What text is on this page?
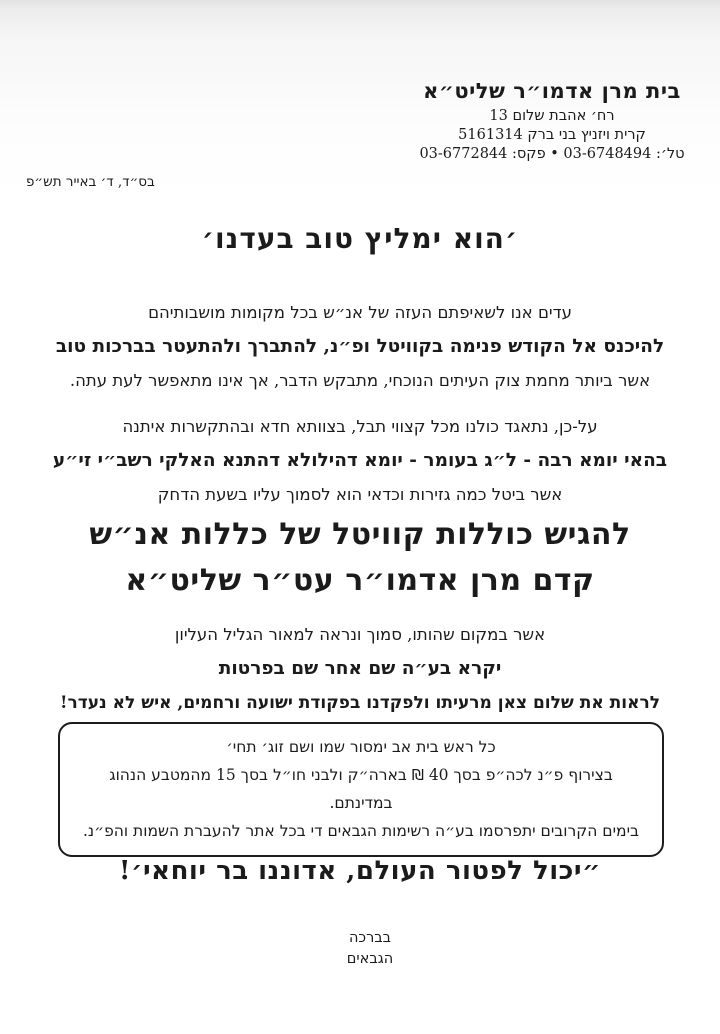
בית מרן אדמו״ר שליט״א
רח׳ אהבת שלום 13
קרית ויזניץ בני ברק 5161314
טל׳: 03-6748494 • פקס: 03-6772844
בס״ד, ד׳ באייר תש״פ
׳הוא ימליץ טוב בעדנו׳
עדים אנו לשאיפתם העזה של אנ״ש בכל מקומות מושבותיהם
להיכנס אל הקודש פנימה בקוויטל ופ״נ, להתברך ולהתעטר בברכות טוב
אשר ביותר מחמת צוק העיתים הנוכחי, מתבקש הדבר, אך אינו מתאפשר לעת עתה.
על-כן, נתאגד כולנו מכל קצווי תבל, בצוותא חדא ובהתקשרות איתנה
בהאי יומא רבה - ל״ג בעומר - יומא דהילולא דהתנא האלקי רשב״י זי״ע
אשר ביטל כמה גזירות וכדאי הוא לסמוך עליו בשעת הדחק
להגיש כוללות קוויטל של כללות אנ״ש
קדם מרן אדמו״ר עט״ר שליט״א
אשר במקום שהותו, סמוך ונראה למאור הגליל העליון
יקרא בע״ה שם אחר שם בפרטות
לראות את שלום צאן מרעיתו ולפקדנו בפקודת ישועה ורחמים, איש לא נעדר!
כל ראש בית אב ימסור שמו ושם זוג׳ תחי׳
בצירוף פ״נ לכה״פ בסך 40 ₪ בארה״ק ולבני חו״ל בסך 15 מהמטבע הנהוג במדינתם.
בימים הקרובים יתפרסמו בע״ה רשימות הגבאים די בכל אתר להעברת השמות והפ״נ.
״יכול לפטור העולם, אדוננו בר יוחאי׳!
בברכה
הגבאים
